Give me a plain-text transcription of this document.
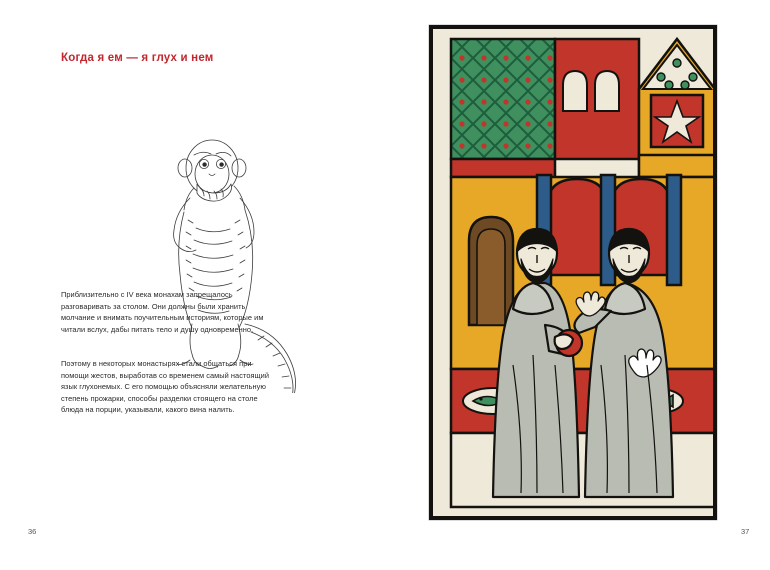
Когда я ем — я глух и нем
Приблизительно с IV века монахам запрещалось разговаривать за столом. Они должны были хранить молчание и внимать поучительным историям, которые им читали вслух, дабы питать тело и душу одновременно.
Поэтому в некоторых монастырях стали общаться при помощи жестов, выработав со временем самый настоящий язык глухонемых. С его помощью объясняли желательную степень прожарки, способы разделки стоящего на столе блюда на порции, указывали, какого вина налить.
36	37
